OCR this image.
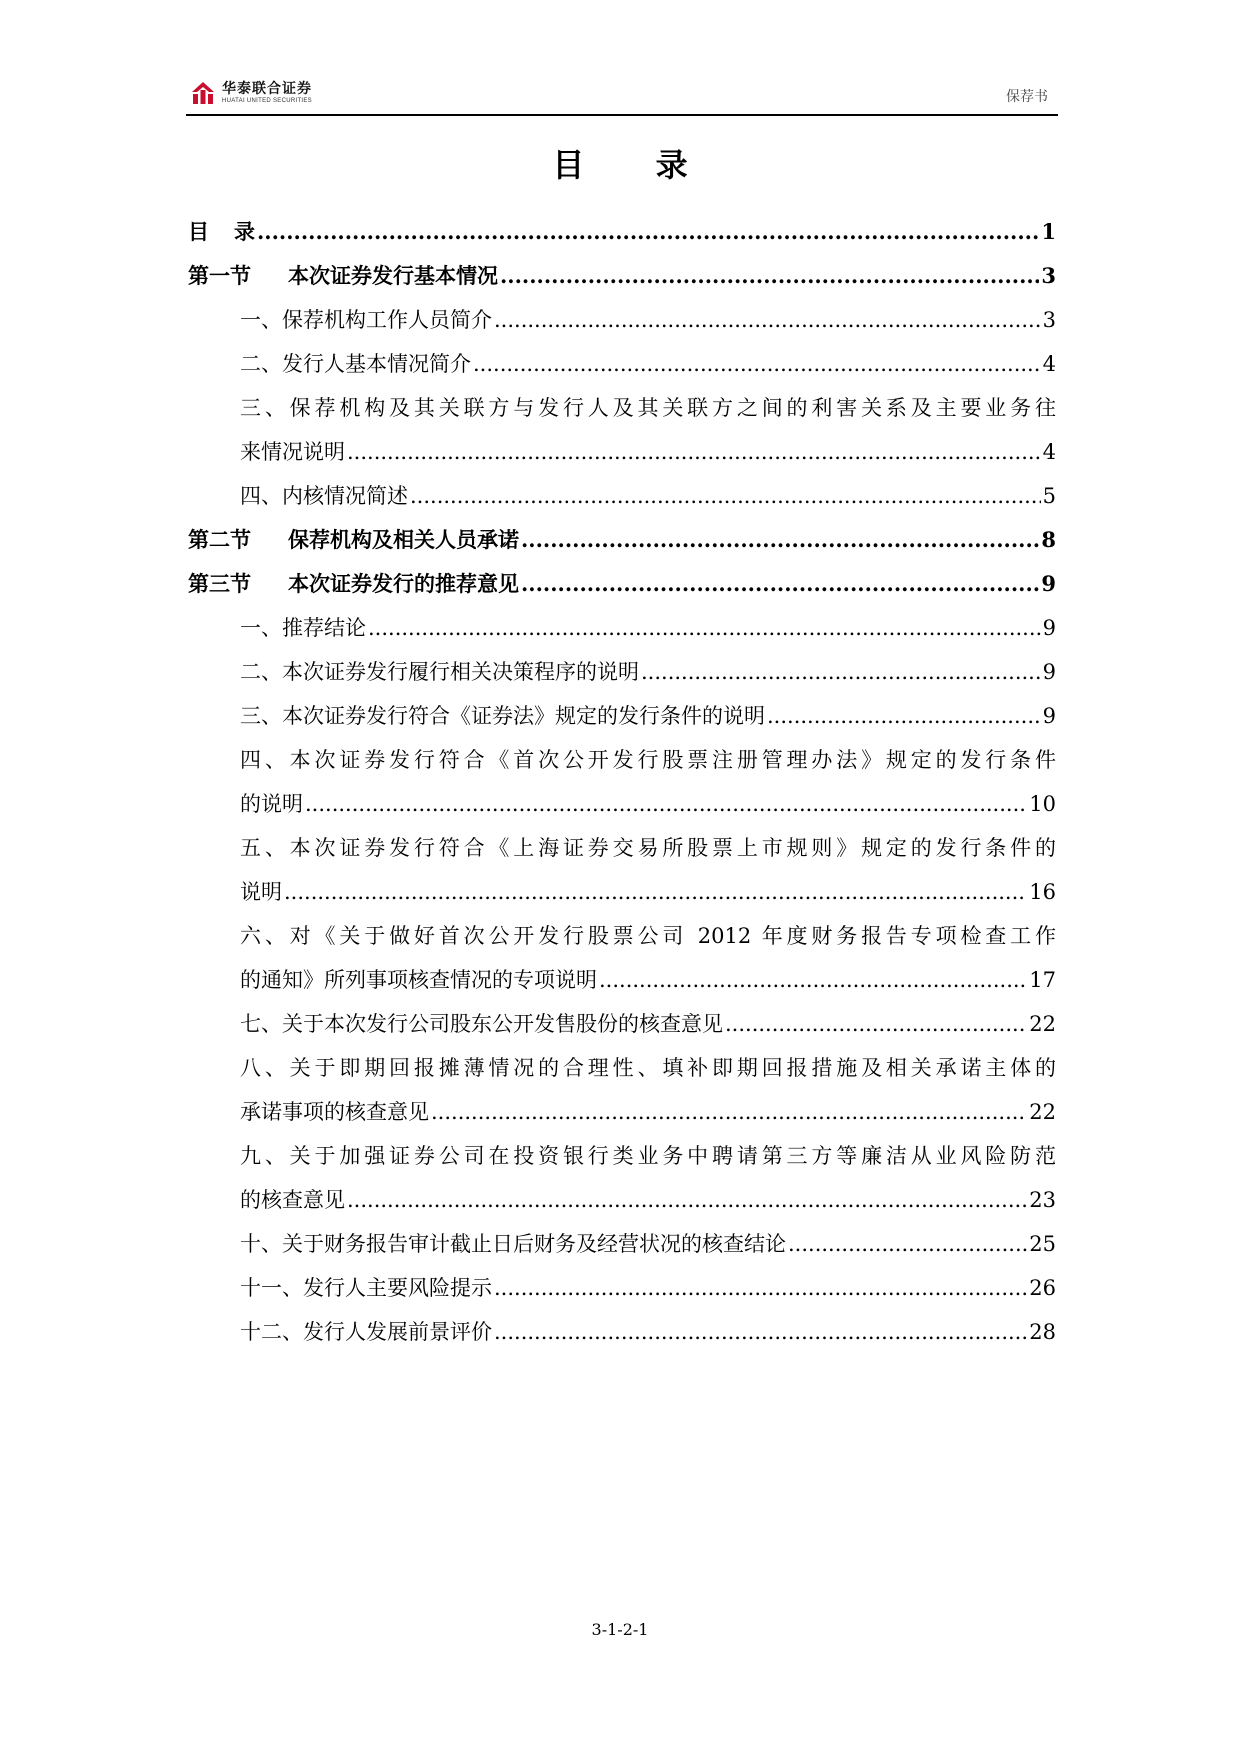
华泰联合证券
HUATAI UNITED SECURITIES	保荐书
目 录
目 录 .....	1
第一节 本次证券发行基本情况 .....	3
一、保荐机构工作人员简介 .....	3
二、发行人基本情况简介 .....	4
三、保荐机构及其关联方与发行人及其关联方之间的利害关系及主要业务往
来情况说明 .....	4
四、内核情况简述 .....	5
第二节 保荐机构及相关人员承诺 .....	8
第三节 本次证券发行的推荐意见 .....	9
一、推荐结论 .....	9
二、本次证券发行履行相关决策程序的说明 .....	9
三、本次证券发行符合《证券法》规定的发行条件的说明 .....	9
四、本次证券发行符合《首次公开发行股票注册管理办法》规定的发行条件
的说明 .....	10
五、本次证券发行符合《上海证券交易所股票上市规则》规定的发行条件的
说明 .....	16
六、对《关于做好首次公开发行股票公司 2012 年度财务报告专项检查工作
的通知》所列事项核查情况的专项说明 .....	17
七、关于本次发行公司股东公开发售股份的核查意见 .....	22
八、关于即期回报摊薄情况的合理性、填补即期回报措施及相关承诺主体的
承诺事项的核查意见 .....	22
九、关于加强证券公司在投资银行类业务中聘请第三方等廉洁从业风险防范
的核查意见 .....	23
十、关于财务报告审计截止日后财务及经营状况的核查结论 .....	25
十一、发行人主要风险提示 .....	26
十二、发行人发展前景评价 .....	28
3-1-2-1
